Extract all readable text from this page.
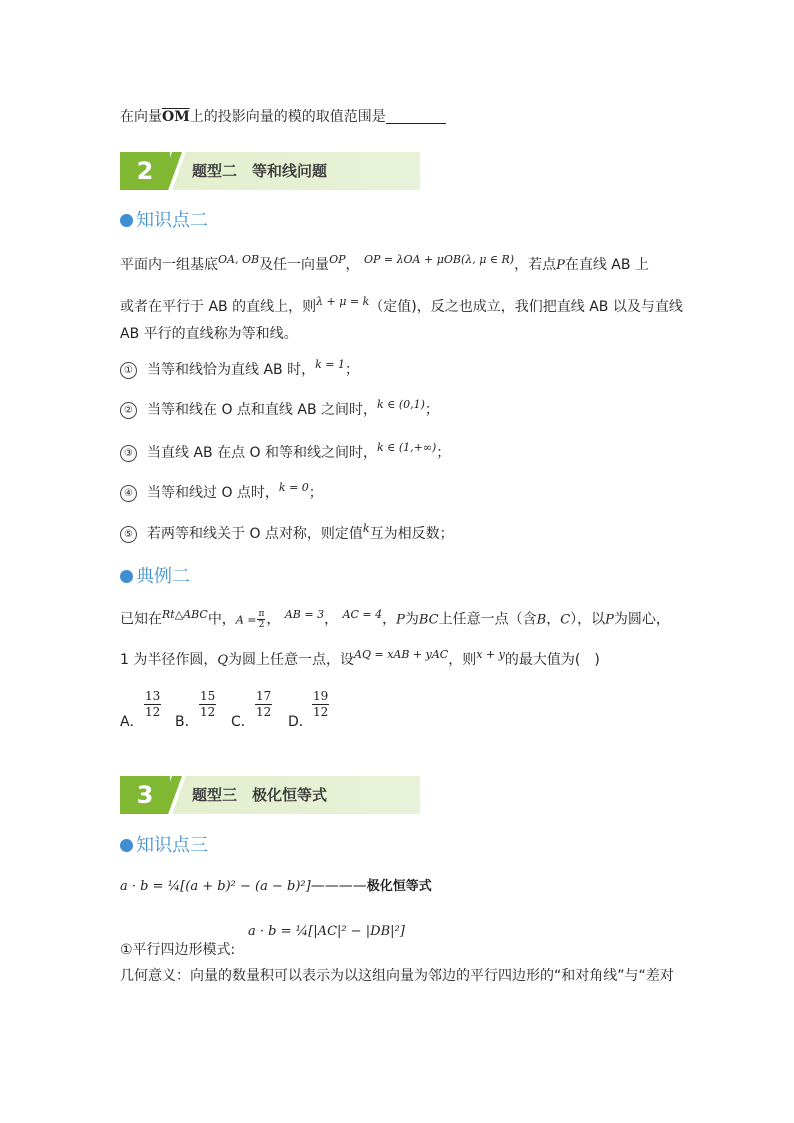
在向量$\overline{OM}$上的投影向量的模的取值范围是
2	题型二　等和线问题
知识点二
平面内一组基底$^{OA, OB}$及任一向量$^{OP}$， $^{OP = \lambda OA + \mu OB(\lambda, \mu \in R)}$，若点P在直线 AB 上
或者在平行于 AB 的直线上，则$^{\lambda + \mu = k}$（定值)，反之也成立，我们把直线 AB 以及与直线
AB 平行的直线称为等和线。
① 当等和线恰为直线 AB 时，$^{k = 1}$；
② 当等和线在 O 点和直线 AB 之间时，$^{k \in (0,1)}$；
③ 当直线 AB 在点 O 和等和线之间时，$^{k \in (1,+\infty)}$；
④ 当等和线过 O 点时，$^{k = 0}$；
⑤ 若两等和线关于 O 点对称，则定值$^k$互为相反数；
典例二
已知在$^{Rt\triangle ABC}$中，$A = \frac{\pi}{2}$ ， $^{AB = 3}$， $^{AC = 4}$，P为BC上任意一点（含B，C），以P为圆心，
1 为半径作圆，Q为圆上任意一点，设$^{AQ = xAB + yAC}$，则$^{x + y}$的最大值为(　)
$\frac{13}{12}$
A．
$\frac{15}{12}$
B．
$\frac{17}{12}$
C．
$\frac{19}{12}$
D．
3	题型三　极化恒等式
知识点三
a · b = ¼[(a + b)² − (a − b)²]————极化恒等式
a · b = ¼[|AC|² − |DB|²]
①平行四边形模式:
几何意义：向量的数量积可以表示为以这组向量为邻边的平行四边形的“和对角线”与“差对
